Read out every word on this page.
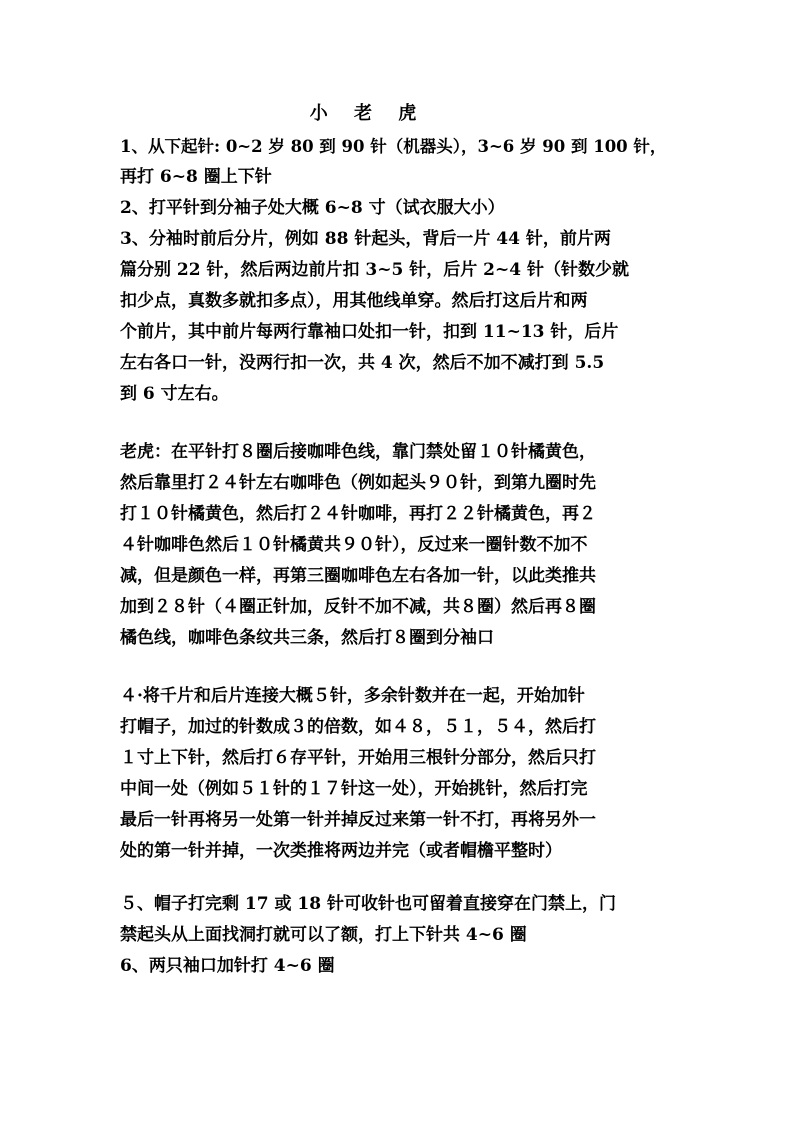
小 老 虎
1、从下起针: 0~2 岁 80 到 90 针（机器头），3~6 岁 90 到 100 针，
再打 6~8 圈上下针
2、打平针到分袖子处大概 6~8 寸（试衣服大小）
3、分袖时前后分片，例如 88 针起头，背后一片 44 针，前片两
篇分别 22 针，然后两边前片扣 3~5 针，后片 2~4 针（针数少就
扣少点，真数多就扣多点），用其他线单穿。然后打这后片和两
个前片，其中前片每两行靠袖口处扣一针，扣到 11~13 针，后片
左右各口一针，没两行扣一次，共 4 次，然后不加不减打到 5.5
到 6 寸左右。
老虎：在平针打８圈后接咖啡色线，靠门禁处留１０针橘黄色，
然后靠里打２４针左右咖啡色（例如起头９０针，到第九圈时先
打１０针橘黄色，然后打２４针咖啡，再打２２针橘黄色，再２
４针咖啡色然后１０针橘黄共９０针），反过来一圈针数不加不
减，但是颜色一样，再第三圈咖啡色左右各加一针，以此类推共
加到２８针（４圈正针加，反针不加不减，共８圈）然后再８圈
橘色线，咖啡色条纹共三条，然后打８圈到分袖口
４·将千片和后片连接大概５针，多余针数并在一起，开始加针
打帽子，加过的针数成３的倍数，如４８，５１，５４，然后打
１寸上下针，然后打６存平针，开始用三根针分部分，然后只打
中间一处（例如５１针的１７针这一处），开始挑针，然后打完
最后一针再将另一处第一针并掉反过来第一针不打，再将另外一
处的第一针并掉，一次类推将两边并完（或者帽檐平整时）
５、帽子打完剩 17 或 18 针可收针也可留着直接穿在门禁上，门
禁起头从上面找洞打就可以了额，打上下针共 4~6 圈
6、两只袖口加针打 4~6 圈
